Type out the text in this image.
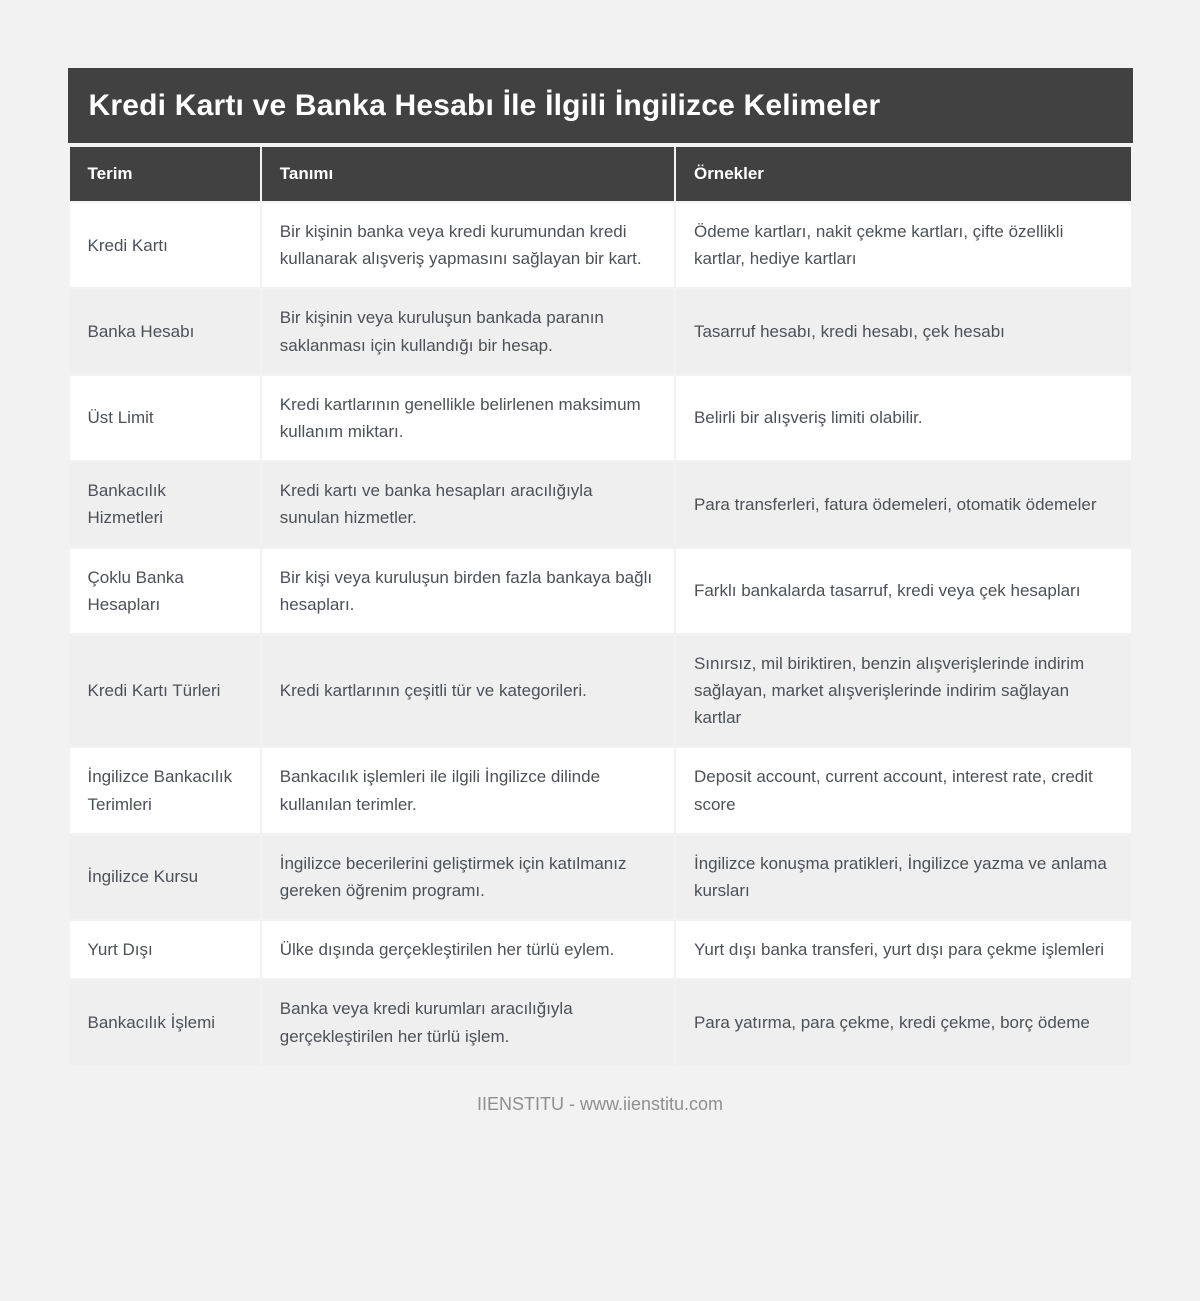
Kredi Kartı ve Banka Hesabı İle İlgili İngilizce Kelimeler
Terim	Tanımı	Örnekler
Kredi Kartı	Bir kişinin banka veya kredi kurumundan kredi kullanarak alışveriş yapmasını sağlayan bir kart.	Ödeme kartları, nakit çekme kartları, çifte özellikli kartlar, hediye kartları
Banka Hesabı	Bir kişinin veya kuruluşun bankada paranın saklanması için kullandığı bir hesap.	Tasarruf hesabı, kredi hesabı, çek hesabı
Üst Limit	Kredi kartlarının genellikle belirlenen maksimum kullanım miktarı.	Belirli bir alışveriş limiti olabilir.
Bankacılık Hizmetleri	Kredi kartı ve banka hesapları aracılığıyla sunulan hizmetler.	Para transferleri, fatura ödemeleri, otomatik ödemeler
Çoklu Banka Hesapları	Bir kişi veya kuruluşun birden fazla bankaya bağlı hesapları.	Farklı bankalarda tasarruf, kredi veya çek hesapları
Kredi Kartı Türleri	Kredi kartlarının çeşitli tür ve kategorileri.	Sınırsız, mil biriktiren, benzin alışverişlerinde indirim sağlayan, market alışverişlerinde indirim sağlayan kartlar
İngilizce Bankacılık Terimleri	Bankacılık işlemleri ile ilgili İngilizce dilinde kullanılan terimler.	Deposit account, current account, interest rate, credit score
İngilizce Kursu	İngilizce becerilerini geliştirmek için katılmanız gereken öğrenim programı.	İngilizce konuşma pratikleri, İngilizce yazma ve anlama kursları
Yurt Dışı	Ülke dışında gerçekleştirilen her türlü eylem.	Yurt dışı banka transferi, yurt dışı para çekme işlemleri
Bankacılık İşlemi	Banka veya kredi kurumları aracılığıyla gerçekleştirilen her türlü işlem.	Para yatırma, para çekme, kredi çekme, borç ödeme
IIENSTITU - www.iienstitu.com
